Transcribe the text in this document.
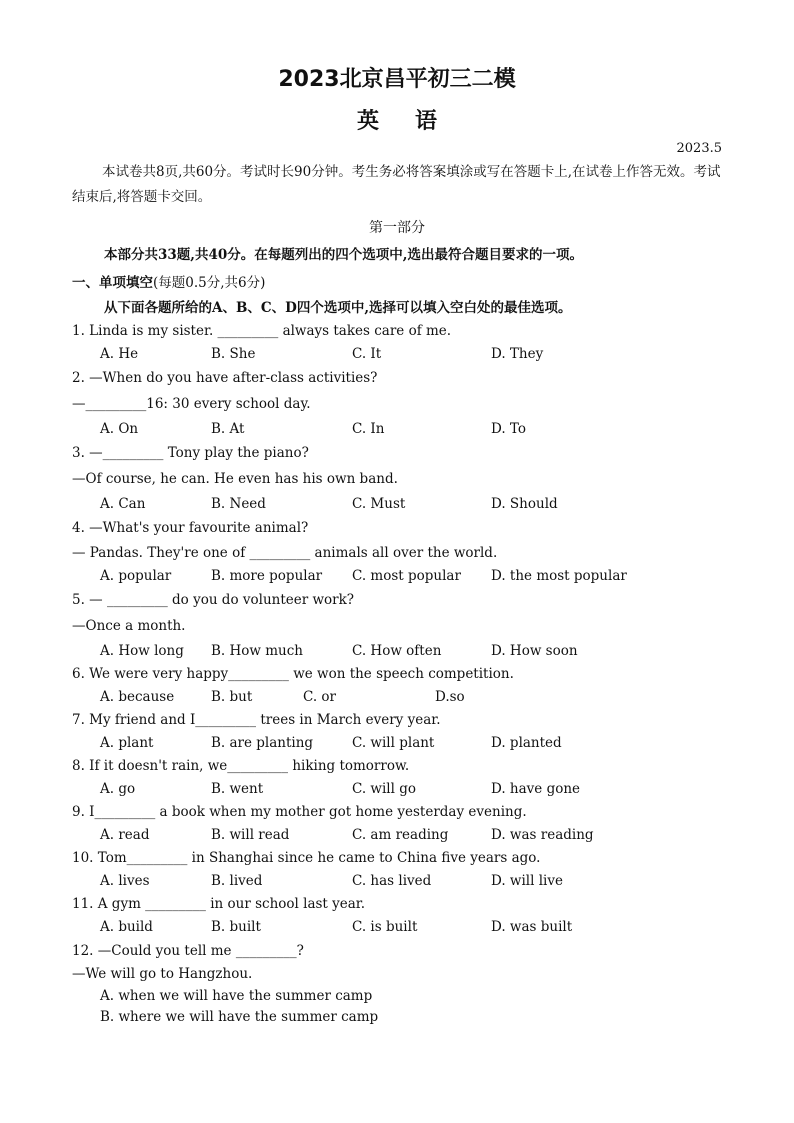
2023北京昌平初三二模
英语
2023.5
本试卷共8页,共60分。考试时长90分钟。考生务必将答案填涂或写在答题卡上,在试卷上作答无效。考试结束后,将答题卡交回。
第一部分
本部分共33题,共40分。在每题列出的四个选项中,选出最符合题目要求的一项。
一、单项填空(每题0.5分,共6分)
从下面各题所给的A、B、C、D四个选项中,选择可以填入空白处的最佳选项。
1. Linda is my sister. _________ always takes care of me.
A. He	B. She	C. It	D. They
2. —When do you have after-class activities?
—_________16: 30 every school day.
A. On	B. At	C. In	D. To
3. —_________ Tony play the piano?
—Of course, he can. He even has his own band.
A. Can	B. Need	C. Must	D. Should
4. —What's your favourite animal?
— Pandas. They're one of _________ animals all over the world.
A. popular	B. more popular C. most popular D. the most popular
5. — _________ do you do volunteer work?
—Once a month.
A. How long B. How much	C. How often	D. How soon
6. We were very happy_________ we won the speech competition.
A. because	B. but	C. or	D.so
7. My friend and I_________ trees in March every year.
A. plant	B. are planting	C. will plant	D. planted
8. If it doesn't rain, we_________ hiking tomorrow.
A. go	B. went	C. will go	D. have gone
9. I_________ a book when my mother got home yesterday evening.
A. read	B. will read	C. am reading	D. was reading
10. Tom_________ in Shanghai since he came to China five years ago.
A. lives	B. lived	C. has lived	D. will live
11. A gym _________ in our school last year.
A. build	B. built	C. is built	D. was built
12. —Could you tell me _________?
—We will go to Hangzhou.
A. when we will have the summer camp
B. where we will have the summer camp
